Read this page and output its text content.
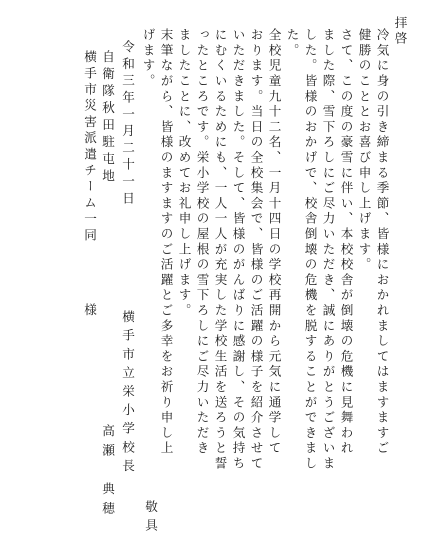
拝啓
冷気に身の引き締まる季節、皆様におかれましてはますますご
健勝のこととお喜び申し上げます。
さて、この度の豪雪に伴い、本校校舎が倒壊の危機に見舞われ
ました際、雪下ろしにご尽力いただき、誠にありがとうございま
した。皆様のおかげで、校舎倒壊の危機を脱することができまし
た。
全校児童九十二名、一月十四日の学校再開から元気に通学して
おります。当日の全校集会で、皆様のご活躍の様子を紹介させて
いただきました。そして、皆様のがんばりに感謝し、その気持ち
にむくいるためにも、一人一人が充実した学校生活を送ろうと誓
ったところです。栄小学校の屋根の雪下ろしにご尽力いただき
ましたことに、改めてお礼申し上げます。
末筆ながら、皆様のますますのご活躍とご多幸をお祈り申し上
げます。
敬具
令和三年一月二十一日
横手市立栄小学校長
高瀬
典穂
自衛隊秋田駐屯地
横手市災害派遣チーム一同
様
